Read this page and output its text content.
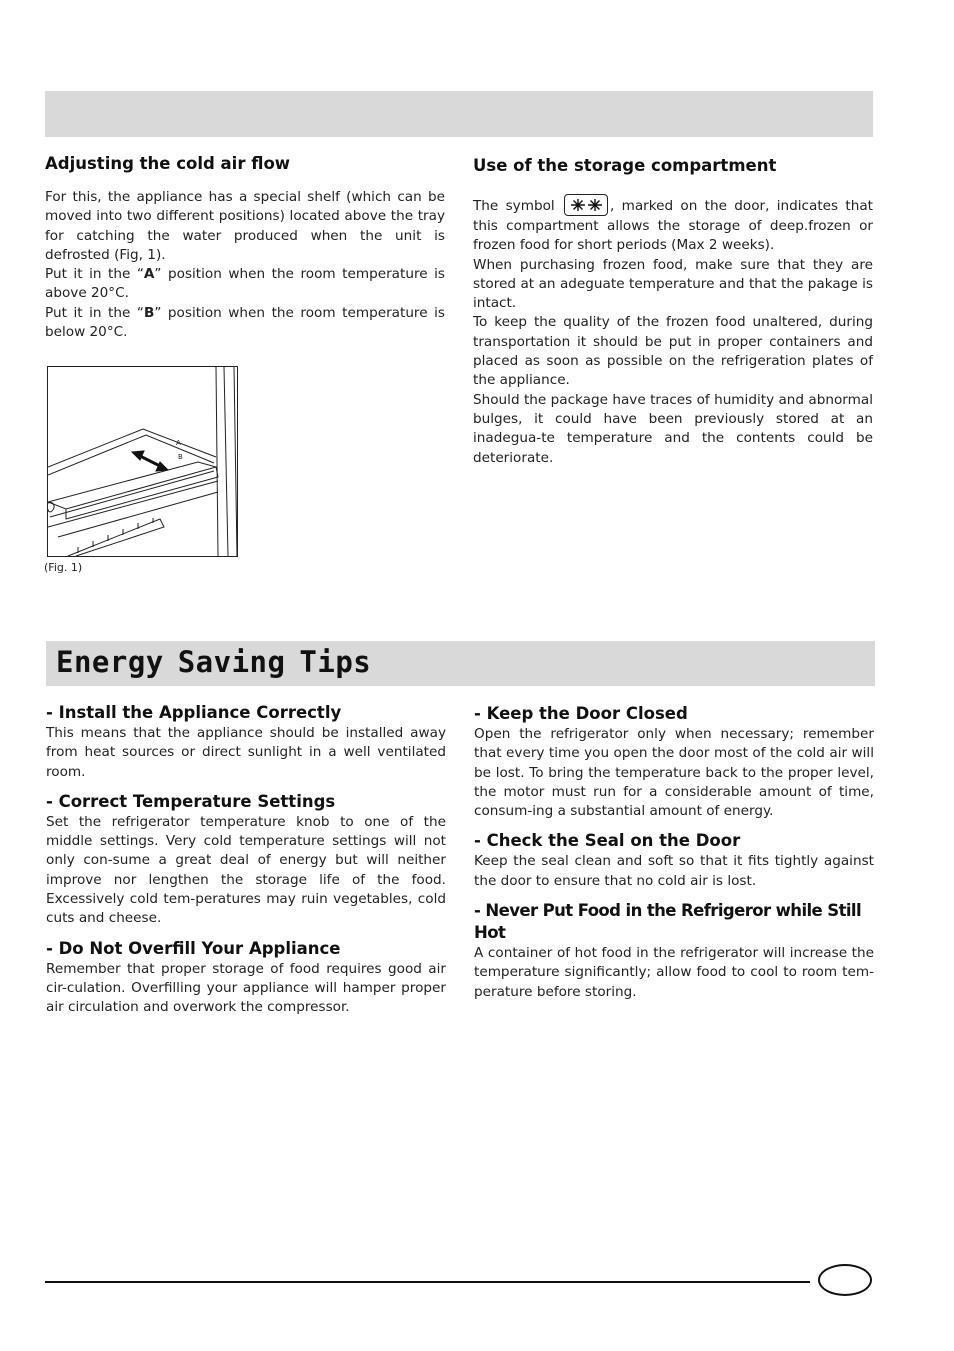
Adjusting the cold air flow

For this, the appliance has a special shelf (which can be moved into two different positions) located above the tray for catching the water produced when the unit is defrosted (Fig, 1).

Put it in the “A” position when the room temperature is above 20°C.

Put it in the “B” position when the room temperature is below 20°C.

A
B
(Fig. 1)
Use of the storage compartment

The symbol	, marked on the door, indicates that this compartment allows the storage of deep.frozen or frozen food for short periods (Max 2 weeks).

When purchasing frozen food, make sure that they are stored at an adeguate temperature and that the pakage is intact.

To keep the quality of the frozen food unaltered, during transportation it should be put in proper containers and placed as soon as possible on the refrigeration plates of the appliance.

Should the package have traces of humidity and abnormal bulges, it could have been previously stored at an inadegua-te temperature and the contents could be deteriorate.

Energy Saving Tips
- Install the Appliance Correctly

This means that the appliance should be installed away from heat sources or direct sunlight in a well ventilated room.

- Correct Temperature Settings

Set the refrigerator temperature knob to one of the middle settings. Very cold temperature settings will not only con-sume a great deal of energy but will neither improve nor lengthen the storage life of the food. Excessively cold tem-peratures may ruin vegetables, cold cuts and cheese.

- Do Not Overfill Your Appliance

Remember that proper storage of food requires good air cir-culation. Overfilling your appliance will hamper proper air circulation and overwork the compressor.

- Keep the Door Closed

Open the refrigerator only when necessary; remember that every time you open the door most of the cold air will be lost. To bring the temperature back to the proper level, the motor must run for a considerable amount of time, consum-ing a substantial amount of energy.

- Check the Seal on the Door

Keep the seal clean and soft so that it fits tightly against the door to ensure that no cold air is lost.

- Never Put Food in the Refrigeror while Still Hot

A container of hot food in the refrigerator will increase the temperature significantly; allow food to cool to room tem-perature before storing.
